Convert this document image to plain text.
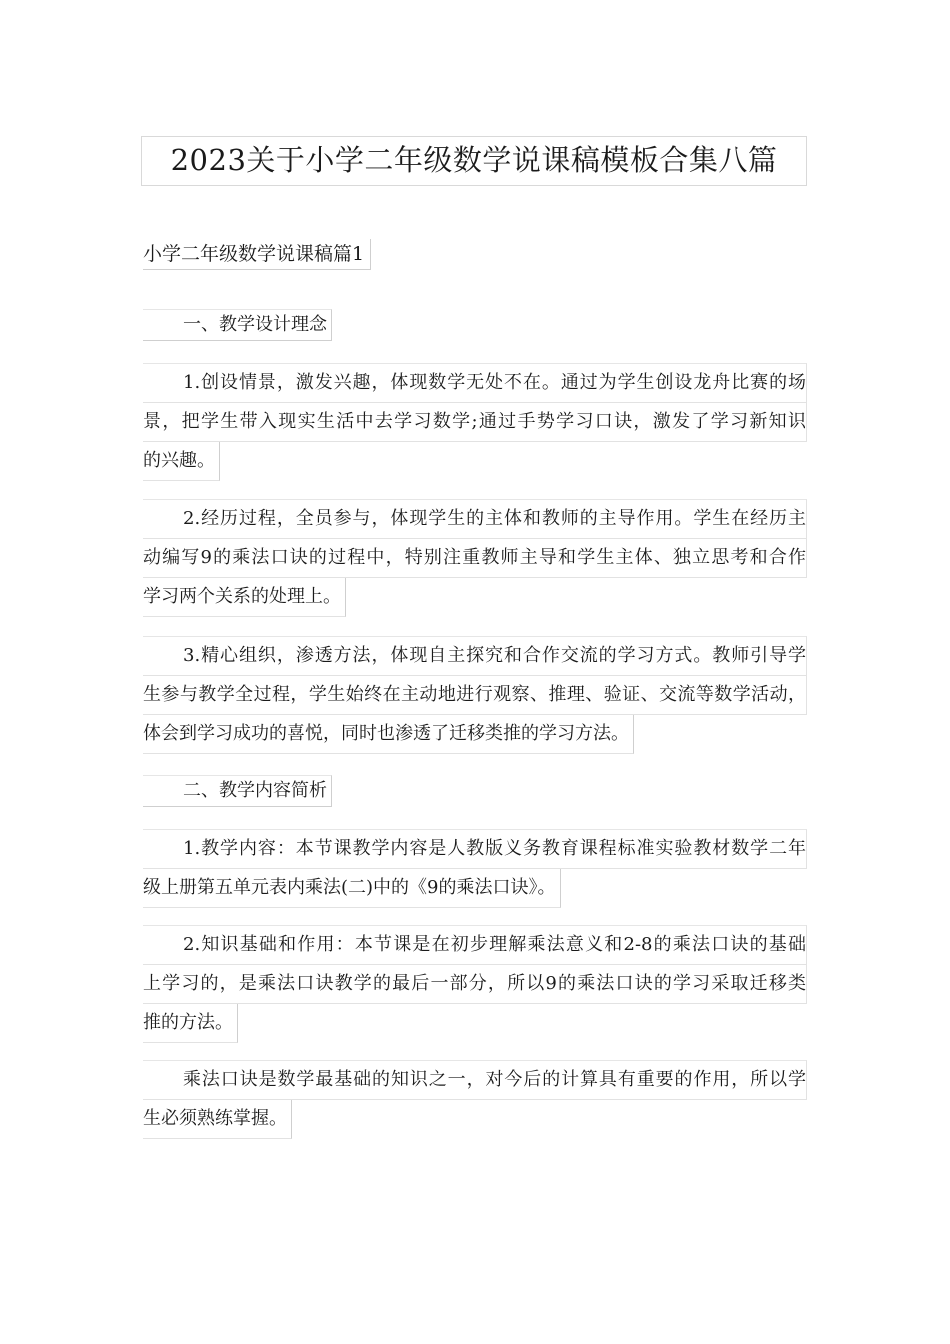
2023关于小学二年级数学说课稿模板合集八篇
小学二年级数学说课稿篇1
一、教学设计理念
1.创设情景，激发兴趣，体现数学无处不在。通过为学生创设龙舟比赛的场
景，把学生带入现实生活中去学习数学;通过手势学习口诀，激发了学习新知识
的兴趣。
2.经历过程，全员参与，体现学生的主体和教师的主导作用。学生在经历主
动编写9的乘法口诀的过程中，特别注重教师主导和学生主体、独立思考和合作
学习两个关系的处理上。
3.精心组织，渗透方法，体现自主探究和合作交流的学习方式。教师引导学
生参与教学全过程，学生始终在主动地进行观察、推理、验证、交流等数学活动，
体会到学习成功的喜悦，同时也渗透了迁移类推的学习方法。
二、教学内容简析
1.教学内容：本节课教学内容是人教版义务教育课程标准实验教材数学二年
级上册第五单元表内乘法(二)中的《9的乘法口诀》。
2.知识基础和作用：本节课是在初步理解乘法意义和2-8的乘法口诀的基础
上学习的，是乘法口诀教学的最后一部分，所以9的乘法口诀的学习采取迁移类
推的方法。
乘法口诀是数学最基础的知识之一，对今后的计算具有重要的作用，所以学
生必须熟练掌握。
